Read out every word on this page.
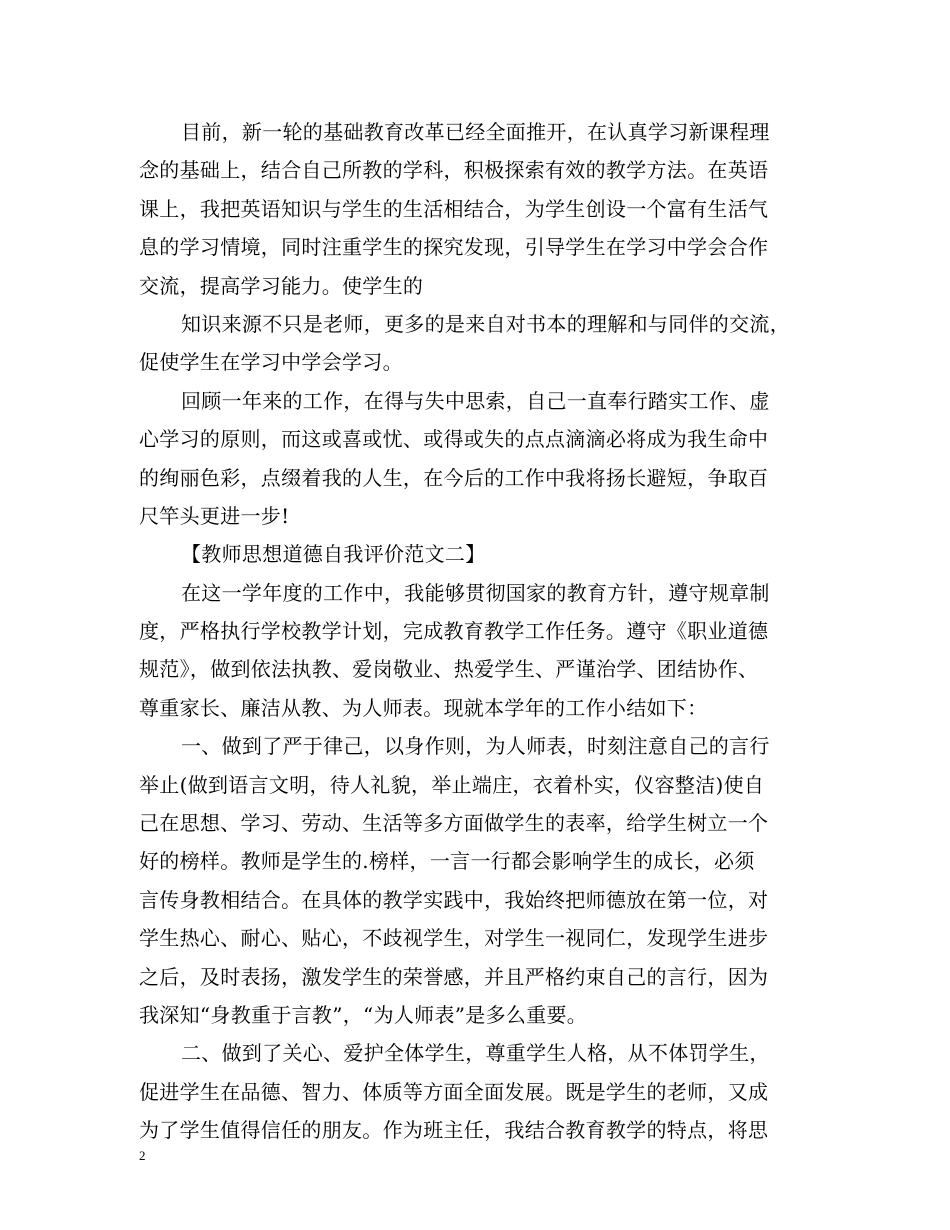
目前，新一轮的基础教育改革已经全面推开，在认真学习新课程理
念的基础上，结合自己所教的学科，积极探索有效的教学方法。在英语
课上，我把英语知识与学生的生活相结合，为学生创设一个富有生活气
息的学习情境，同时注重学生的探究发现，引导学生在学习中学会合作
交流，提高学习能力。使学生的
知识来源不只是老师，更多的是来自对书本的理解和与同伴的交流，
促使学生在学习中学会学习。
回顾一年来的工作，在得与失中思索，自己一直奉行踏实工作、虚
心学习的原则，而这或喜或忧、或得或失的点点滴滴必将成为我生命中
的绚丽色彩，点缀着我的人生，在今后的工作中我将扬长避短，争取百
尺竿头更进一步!
【教师思想道德自我评价范文二】
在这一学年度的工作中，我能够贯彻国家的教育方针，遵守规章制
度，严格执行学校教学计划，完成教育教学工作任务。遵守《职业道德
规范》，做到依法执教、爱岗敬业、热爱学生、严谨治学、团结协作、
尊重家长、廉洁从教、为人师表。现就本学年的工作小结如下：
一、做到了严于律己，以身作则，为人师表，时刻注意自己的言行
举止(做到语言文明，待人礼貌，举止端庄，衣着朴实，仪容整洁)使自
己在思想、学习、劳动、生活等多方面做学生的表率，给学生树立一个
好的榜样。教师是学生的.榜样，一言一行都会影响学生的成长，必须
言传身教相结合。在具体的教学实践中，我始终把师德放在第一位，对
学生热心、耐心、贴心，不歧视学生，对学生一视同仁，发现学生进步
之后，及时表扬，激发学生的荣誉感，并且严格约束自己的言行，因为
我深知“身教重于言教”，“为人师表”是多么重要。
二、做到了关心、爱护全体学生，尊重学生人格，从不体罚学生，
促进学生在品德、智力、体质等方面全面发展。既是学生的老师，又成
为了学生值得信任的朋友。作为班主任，我结合教育教学的特点，将思
2
